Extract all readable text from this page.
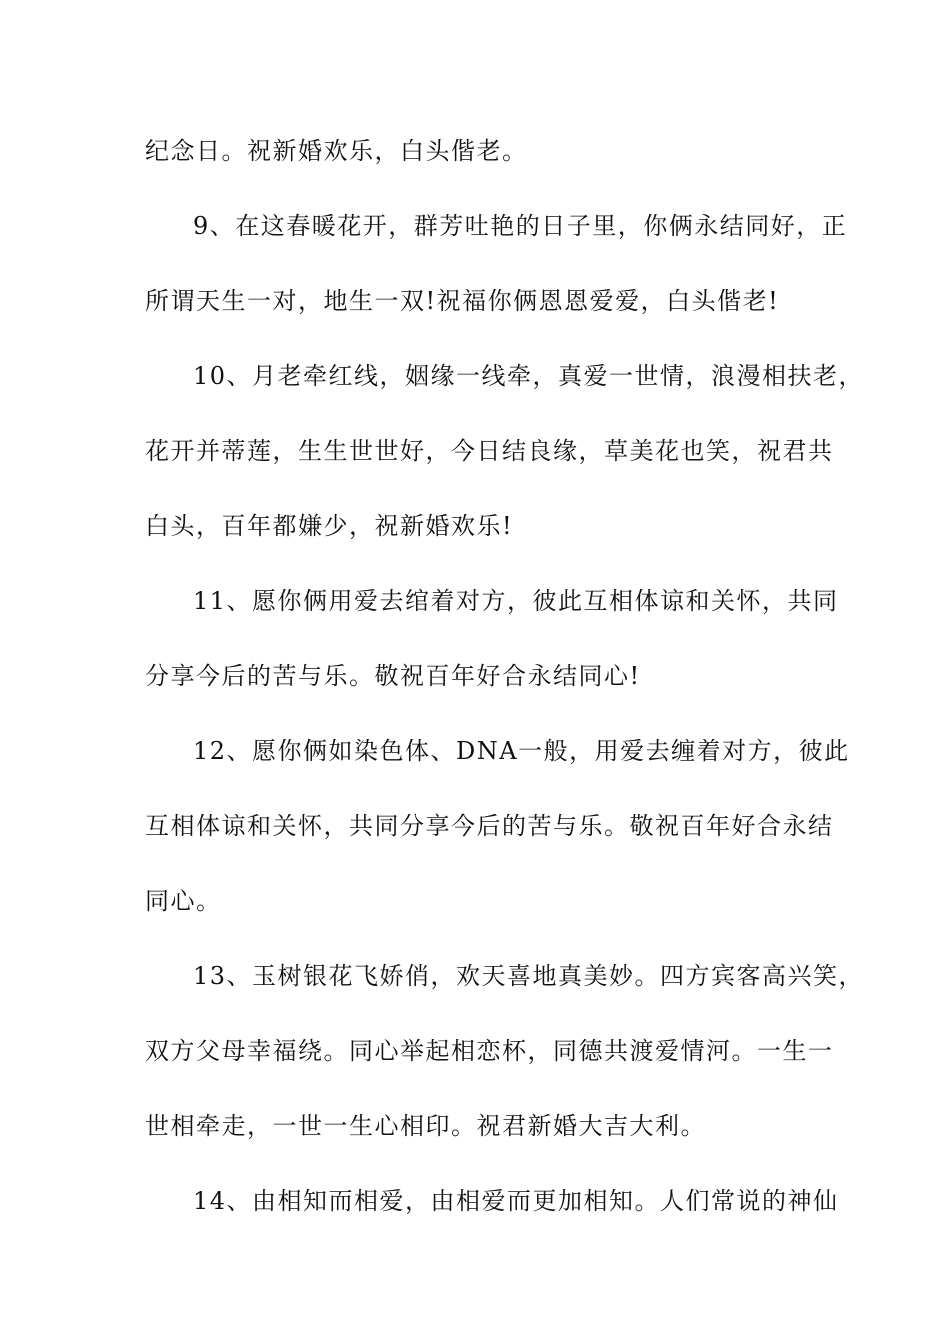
纪念日。祝新婚欢乐，白头偕老。
9、在这春暖花开，群芳吐艳的日子里，你俩永结同好，正
所谓天生一对，地生一双!祝福你俩恩恩爱爱，白头偕老!
10、月老牵红线，姻缘一线牵，真爱一世情，浪漫相扶老，
花开并蒂莲，生生世世好，今日结良缘，草美花也笑，祝君共
白头，百年都嫌少，祝新婚欢乐!
11、愿你俩用爱去绾着对方，彼此互相体谅和关怀，共同
分享今后的苦与乐。敬祝百年好合永结同心!
12、愿你俩如染色体、DNA一般，用爱去缠着对方，彼此
互相体谅和关怀，共同分享今后的苦与乐。敬祝百年好合永结
同心。
13、玉树银花飞娇俏，欢天喜地真美妙。四方宾客高兴笑，
双方父母幸福绕。同心举起相恋杯，同德共渡爱情河。一生一
世相牵走，一世一生心相印。祝君新婚大吉大利。
14、由相知而相爱，由相爱而更加相知。人们常说的神仙
